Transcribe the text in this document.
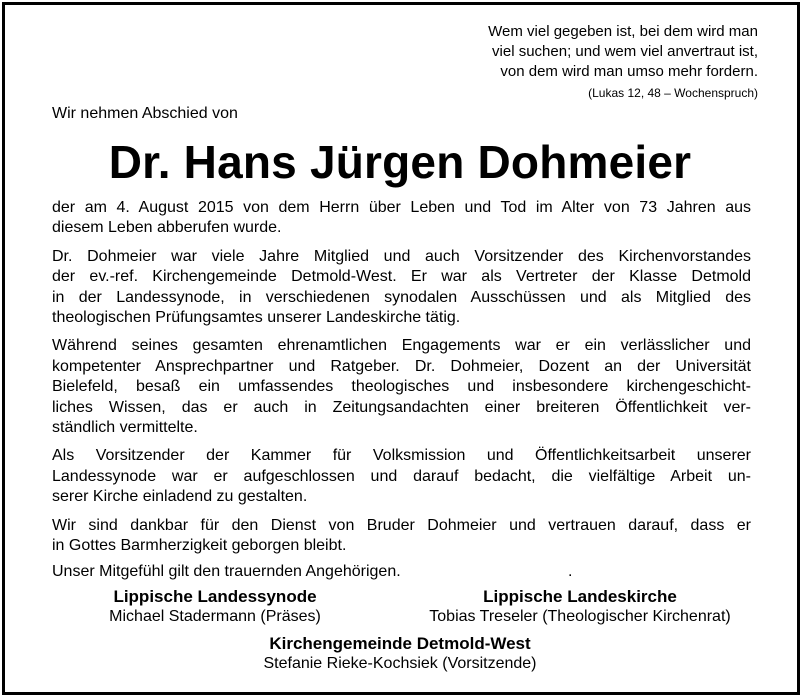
Wem viel gegeben ist, bei dem wird man
viel suchen; und wem viel anvertraut ist,
von dem wird man umso mehr fordern.
(Lukas 12, 48 – Wochenspruch)
Wir nehmen Abschied von
Dr. Hans Jürgen Dohmeier

der am 4. August 2015 von dem Herrn über Leben und Tod im Alter von 73 Jahren aus
diesem Leben abberufen wurde.

Dr. Dohmeier war viele Jahre Mitglied und auch Vorsitzender des Kirchenvorstandes
der ev.-ref. Kirchengemeinde Detmold-West. Er war als Vertreter der Klasse Detmold
in der Landessynode, in verschiedenen synodalen Ausschüssen und als Mitglied des
theologischen Prüfungsamtes unserer Landeskirche tätig.

Während seines gesamten ehrenamtlichen Engagements war er ein verlässlicher und
kompetenter Ansprechpartner und Ratgeber. Dr. Dohmeier, Dozent an der Universität
Bielefeld, besaß ein umfassendes theologisches und insbesondere kirchengeschicht-
liches Wissen, das er auch in Zeitungsandachten einer breiteren Öffentlichkeit ver-
ständlich vermittelte.

Als Vorsitzender der Kammer für Volksmission und Öffentlichkeitsarbeit unserer
Landessynode war er aufgeschlossen und darauf bedacht, die vielfältige Arbeit un-
serer Kirche einladend zu gestalten.

Wir sind dankbar für den Dienst von Bruder Dohmeier und vertrauen darauf, dass er
in Gottes Barmherzigkeit geborgen bleibt.

Unser Mitgefühl gilt den trauernden Angehörigen.	.
Lippische Landessynode
Michael Stadermann (Präses)
Lippische Landeskirche
Tobias Treseler (Theologischer Kirchenrat)
Kirchengemeinde Detmold-West
Stefanie Rieke-Kochsiek (Vorsitzende)
